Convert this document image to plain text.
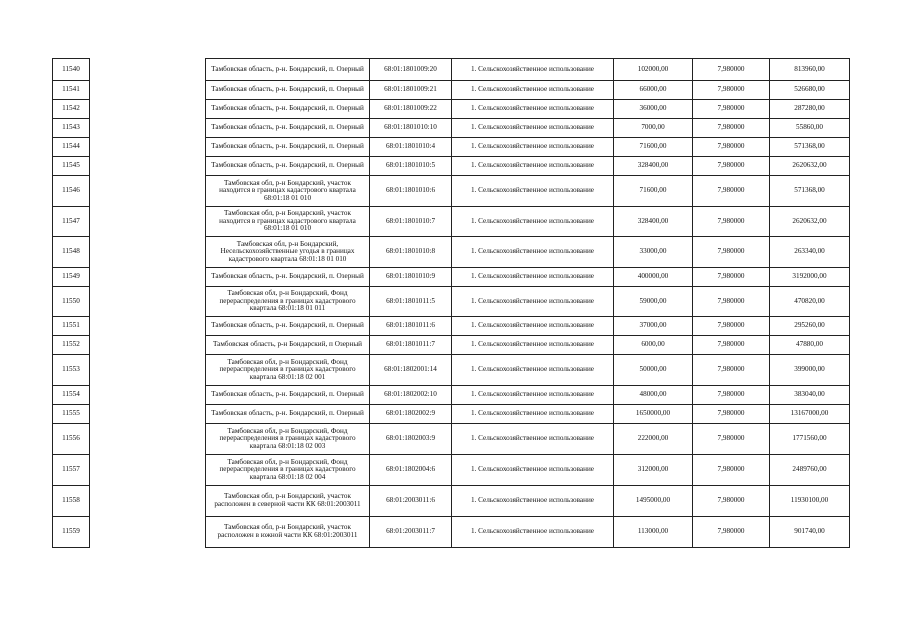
11540		Тамбовская область, р-н. Бондарский, п. Озерный	68:01:1801009:20	1. Сельскохозяйственное использование	102000,00	7,980000	813960,00
11541		Тамбовская область, р-н. Бондарский, п. Озерный	68:01:1801009:21	1. Сельскохозяйственное использование	66000,00	7,980000	526680,00
11542		Тамбовская область, р-н. Бондарский, п. Озерный	68:01:1801009:22	1. Сельскохозяйственное использование	36000,00	7,980000	287280,00
11543		Тамбовская область, р-н. Бондарский, п. Озерный	68:01:1801010:10	1. Сельскохозяйственное использование	7000,00	7,980000	55860,00
11544		Тамбовская область, р-н. Бондарский, п. Озерный	68:01:1801010:4	1. Сельскохозяйственное использование	71600,00	7,980000	571368,00
11545		Тамбовская область, р-н. Бондарский, п. Озерный	68:01:1801010:5	1. Сельскохозяйственное использование	328400,00	7,980000	2620632,00
11546		Тамбовская обл, р-н Бондарский, участок находится в границах кадастрового квартала 68:01:18 01 010	68:01:1801010:6	1. Сельскохозяйственное использование	71600,00	7,980000	571368,00
11547		Тамбовская обл, р-н Бондарский, участок находится в границах кадастрового квартала 68:01:18 01 010	68:01:1801010:7	1. Сельскохозяйственное использование	328400,00	7,980000	2620632,00
11548		Тамбовская обл, р-н Бондарский, Несельскохозяйственные угодья в границах кадастрового квартала 68:01:18 01 010	68:01:1801010:8	1. Сельскохозяйственное использование	33000,00	7,980000	263340,00
11549		Тамбовская область, р-н. Бондарский, п. Озерный	68:01:1801010:9	1. Сельскохозяйственное использование	400000,00	7,980000	3192000,00
11550		Тамбовская обл, р-н Бондарский, Фонд перераспределения в границах кадастрового квартала 68:01:18 01 011	68:01:1801011:5	1. Сельскохозяйственное использование	59000,00	7,980000	470820,00
11551		Тамбовская область, р-н. Бондарский, п. Озерный	68:01:1801011:6	1. Сельскохозяйственное использование	37000,00	7,980000	295260,00
11552		Тамбовская область, р-н Бондарский, п Озерный	68:01:1801011:7	1. Сельскохозяйственное использование	6000,00	7,980000	47880,00
11553		Тамбовская обл, р-н Бондарский, Фонд перераспределения в границах кадастрового квартала 68:01:18 02 001	68:01:1802001:14	1. Сельскохозяйственное использование	50000,00	7,980000	399000,00
11554		Тамбовская область, р-н. Бондарский, п. Озерный	68:01:1802002:10	1. Сельскохозяйственное использование	48000,00	7,980000	383040,00
11555		Тамбовская область, р-н. Бондарский, п. Озерный	68:01:1802002:9	1. Сельскохозяйственное использование	1650000,00	7,980000	13167000,00
11556		Тамбовская обл, р-н Бондарский, Фонд перераспределения в границах кадастрового квартала 68:01:18 02 003	68:01:1802003:9	1. Сельскохозяйственное использование	222000,00	7,980000	1771560,00
11557		Тамбовская обл, р-н Бондарский, Фонд перераспределения в границах кадастрового квартала 68:01:18 02 004	68:01:1802004:6	1. Сельскохозяйственное использование	312000,00	7,980000	2489760,00
11558		Тамбовская обл, р-н Бондарский, участок расположен в северной части КК 68:01:2003011	68:01:2003011:6	1. Сельскохозяйственное использование	1495000,00	7,980000	11930100,00
11559		Тамбовская обл, р-н Бондарский, участок расположен в южной части КК 68:01:2003011	68:01:2003011:7	1. Сельскохозяйственное использование	113000,00	7,980000	901740,00
